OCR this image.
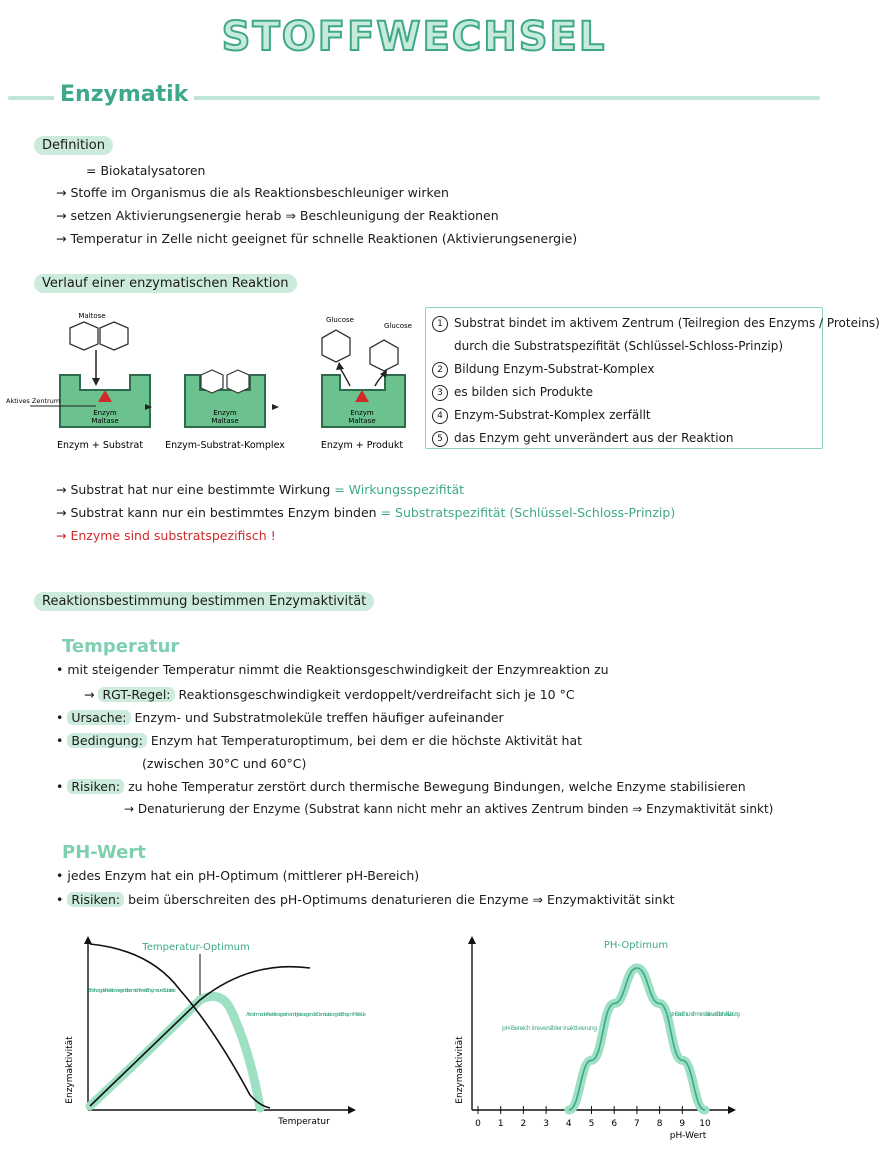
STOFFWECHSEL
Enzymatik
Definition
= Biokatalysatoren
→ Stoffe im Organismus die als Reaktionsbeschleuniger wirken
→ setzen Aktivierungsenergie herab ⇒ Beschleunigung der Reaktionen
→ Temperatur in Zelle nicht geeignet für schnelle Reaktionen (Aktivierungsenergie)
Verlauf einer enzymatischen Reaktion
Enzym
Maltase
Maltose
Aktives Zentrum
Enzym + Substrat
Enzym
Maltase
Enzym-Substrat-Komplex
Enzym
Maltase
Glucose
Glucose
Enzym + Produkt
1 Substrat bindet im aktivem Zentrum (Teilregion des Enzyms / Proteins)
durch die Substratspezifität (Schlüssel-Schloss-Prinzip)
2 Bildung Enzym-Substrat-Komplex
3 es bilden sich Produkte
4 Enzym-Substrat-Komplex zerfällt
5 das Enzym geht unverändert aus der Reaktion
→ Substrat hat nur eine bestimmte Wirkung = Wirkungsspezifität
→ Substrat kann nur ein bestimmtes Enzym binden = Substratspezifität (Schlüssel-Schloss-Prinzip)
→ Enzyme sind substratspezifisch !
Reaktionsbestimmung bestimmen Enzymaktivität
Temperatur
• mit steigender Temperatur nimmt die Reaktionsgeschwindigkeit der Enzymreaktion zu
→ RGT-Regel: Reaktionsgeschwindigkeit verdoppelt/verdreifacht sich je 10 °C
• Ursache: Enzym- und Substratmoleküle treffen häufiger aufeinander
• Bedingung: Enzym hat Temperaturoptimum, bei dem er die höchste Aktivität hat
(zwischen 30°C und 60°C)
• Risiken: zu hohe Temperatur zerstört durch thermische Bewegung Bindungen, welche Enzyme stabilisieren
→ Denaturierung der Enzyme (Substrat kann nicht mehr an aktives Zentrum binden ⇒ Enzymaktivität sinkt)
PH-Wert
• jedes Enzym hat ein pH-Optimum (mittlerer pH-Bereich)
• Risiken: beim überschreiten des pH-Optimums denaturieren die Enzyme ⇒ Enzymaktivität sinkt
Temperatur-Optimum
Erhöhung der Reaktion wegen öfterem treffen der Enzyme und Substrate
Abnahme der Reaktionsgeschwindigkeit wegen der Denaturierung der Enzym-Moleküle
Temperatur
Enzymaktivität
PH-Optimum
0 1 2 3 4 5 6 7 8 9 10
pH-Bereich irreversibler Inaktivierung
pH-Bereich zunehmender irreversibler Inaktivierung
pH-Wert
Enzymaktivität
